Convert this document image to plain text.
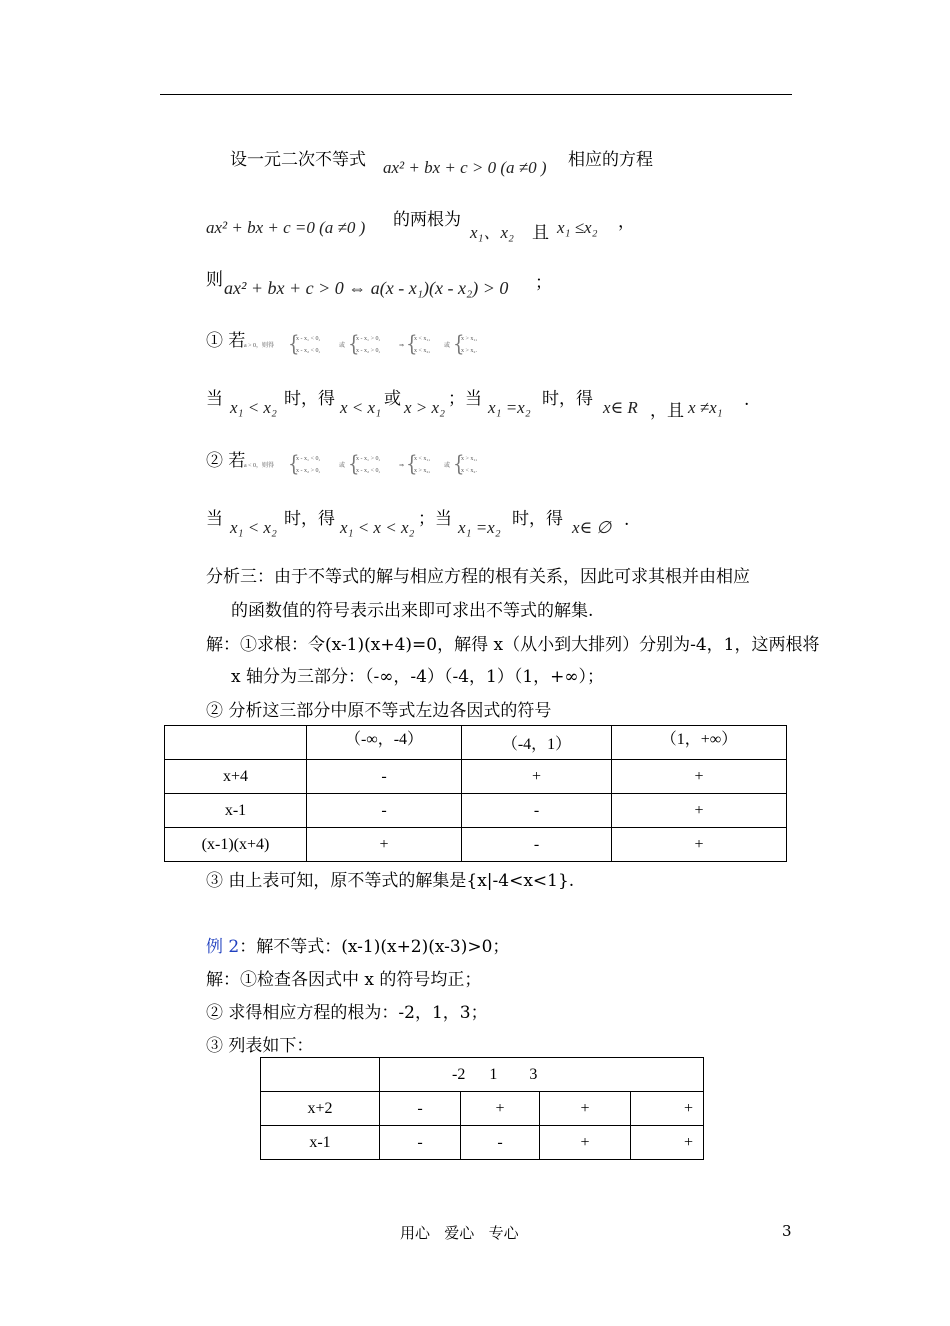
设一元二次不等式 ax² + bx + c > 0 (a ≠0 ) 相应的方程
ax² + bx + c =0 (a ≠0 ) 的两根为
x₁、x₂ 且 x₁ ≤x₂ ，
则 ax² + bx + c > 0 ⇔ a(x - x₁)(x - x₂) > 0 ；
① 若
a > 0，则得 {
x - x₁ < 0,
x - x₂ < 0,
或 {
x - x₁ > 0,
x - x₂ > 0,
⇒ {
x < x₁,
x < x₂,
或 {
x > x₁,
x > x₂.
当 x₁ < x₂ 时，得 x < x₁ 或 x > x₂ ；当 x₁ =x₂ 时，得 x∈ R ，且 x ≠x₁ .
② 若
a < 0，则得 {
x - x₁ < 0,
x - x₂ > 0,
或 {
x - x₁ > 0,
x - x₂ < 0,
⇒ {
x < x₁,
x > x₂,
或 {
x > x₁,
x < x₂.
当 x₁ < x₂ 时，得 x₁ < x < x₂ ；当 x₁ =x₂ 时，得 x∈ ∅ .
分析三：由于不等式的解与相应方程的根有关系，因此可求其根并由相应
的函数值的符号表示出来即可求出不等式的解集.
解：①求根：令(x-1)(x+4)=0，解得 x（从小到大排列）分别为-4，1，这两根将
x 轴分为三部分：（-∞，-4）（-4，1）（1，+∞）；
② 分析这三部分中原不等式左边各因式的符号
	（-∞，-4）	（-4，1）	（1，+∞）
x+4	-	+	+
x-1	-	-	+
(x-1)(x+4)	+	-	+
③ 由上表可知，原不等式的解集是{x|-4<x<1}.
例 2：解不等式：(x-1)(x+2)(x-3)>0；
解：①检查各因式中 x 的符号均正；
② 求得相应方程的根为：-2，1，3；
③ 列表如下：
	-2      1        3			
x+2	-	+	+	+
x-1	-	-	+	+
用心   爱心   专心	3
